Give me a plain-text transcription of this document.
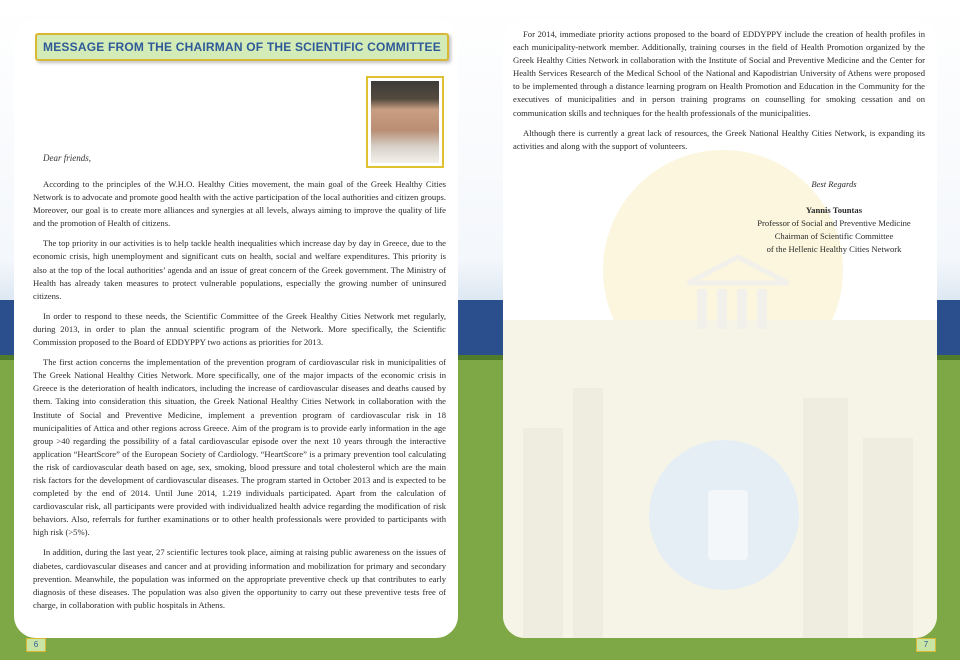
MESSAGE FROM THE CHAIRMAN OF THE SCIENTIFIC COMMITTEE
Dear friends,

According to the principles of the W.H.O. Healthy Cities movement, the main goal of the Greek Healthy Cities Network is to advocate and promote good health with the active participation of the local authorities and citizen groups. Moreover, our goal is to create more alliances and synergies at all levels, always aiming to improve the quality of life and the promotion of Health of citizens.

The top priority in our activities is to help tackle health inequalities which increase day by day in Greece, due to the economic crisis, high unemployment and significant cuts on health, social and welfare expenditures. This priority is also at the top of the local authorities’ agenda and an issue of great concern of the Greek government. The Ministry of Health has already taken measures to protect vulnerable populations, especially the growing number of uninsured citizens.

In order to respond to these needs, the Scientific Committee of the Greek Healthy Cities Network met regularly, during 2013, in order to plan the annual scientific program of the Network. More specifically, the Scientific Commission proposed to the Board of EDDYPPY two actions as priorities for 2013.

The first action concerns the implementation of the prevention program of cardiovascular risk in municipalities of The Greek National Healthy Cities Network. More specifically, one of the major impacts of the economic crisis in Greece is the deterioration of health indicators, including the increase of cardiovascular diseases and deaths caused by them. Taking into consideration this situation, the Greek National Healthy Cities Network in collaboration with the Institute of Social and Preventive Medicine, implement a prevention program of cardiovascular risk in 18 municipalities of Attica and other regions across Greece. Aim of the program is to provide early information in the age group >40 regarding the possibility of a fatal cardiovascular episode over the next 10 years through the interactive application “HeartScore” of the European Society of Cardiology. “HeartScore” is a primary prevention tool calculating the risk of cardiovascular death based on age, sex, smoking, blood pressure and total cholesterol which are the main risk factors for the development of cardiovascular diseases. The program started in October 2013 and is expected to be completed by the end of 2014. Until June 2014, 1.219 individuals participated. Apart from the calculation of cardiovascular risk, all participants were provided with individualized health advice regarding the modification of risk behaviors. Also, referrals for further examinations or to other health professionals were provided to participants with high risk (>5%).

In addition, during the last year, 27 scientific lectures took place, aiming at raising public awareness on the issues of diabetes, cardiovascular diseases and cancer and at providing information and mobilization for primary and secondary prevention. Meanwhile, the population was informed on the appropriate preventive check up that contributes to early diagnosis of these diseases. The population was also given the opportunity to carry out these preventive tests free of charge, in collaboration with public hospitals in Athens.

For 2014, immediate priority actions proposed to the board of EDDYPPY include the creation of health profiles in each municipality-network member. Additionally, training courses in the field of Health Promotion organized by the Greek Healthy Cities Network in collaboration with the Institute of Social and Preventive Medicine and the Center for Health Services Research of the Medical School of the National and Kapodistrian University of Athens were proposed to be implemented through a distance learning program on Health Promotion and Education in the Community for the executives of municipalities and in person training programs on counselling for smoking cessation and on communication skills and techniques for the health professionals of the municipalities.

Although there is currently a great lack of resources, the Greek National Healthy Cities Network, is expanding its activities and along with the support of volunteers.

Best Regards
Yannis Tountas
Professor of Social and Preventive Medicine
Chairman of Scientific Committee
of the Hellenic Healthy Cities Network
6	7
